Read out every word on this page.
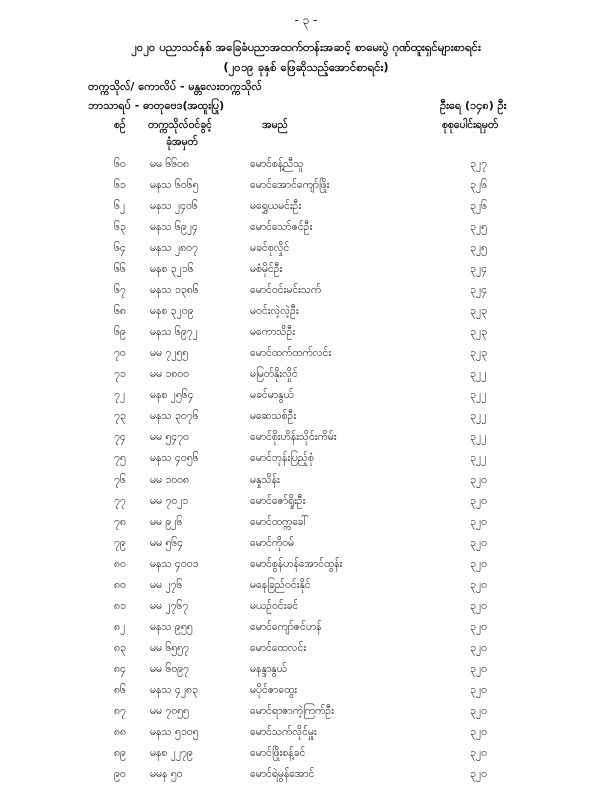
- ၃ -
၂၀၂၀ ပညာသင်နှစ် အခြေခံပညာအထက်တန်းအဆင့် စာမေးပွဲ ဂုဏ်ထူးရှင်များစာရင်း
(၂၀၁၉ ခုနှစ် ဖြေဆိုသည့်အောင်စာရင်း)
တက္ကသိုလ်/ ကောလိပ် - မန္တလေးတက္ကသိုလ်
ဘာသာရပ် - ဓာတုဗေဒ(အထူးပြု)	ဦးရေ (၁၄၈) ဦး
စဉ် တက္ကသိုလ်ဝင်ခွင့်
ခုံအမှတ်
အမည်	စုစုပေါင်းရမှတ်
၆၀ မမ ၆၆၀၈	မောင်စန့်ညီသူ	၃၂၇
၆၁ မနသ ၆၀၆၅	မောင်အောင်ကျော်ဖြိုး	၃၂၆
၆၂ မနသ ၂၄၀၆	မရွှေယမင်းဦး	၃၂၆
၆၃ မနသ ၆၉၂၄	မောင်သော်ဇင်ဦး	၃၂၅
၆၄ မနသ ၂၈၀၇	မခင်စုလှိုင်	၃၂၅
၆၆ မနစ ၃၂၁၆	မစံမိုင်ဦး	၃၂၄
၆၇ မနသ ၁၃၈၆	မောင်ဝင်းမင်းသက်	၃၂၄
၆၈ မနစ ၃၂၀၉	မဝင်းလဲ့လဲ့ဦး	၃၂၃
၆၉ မနသ ၆၉၇၂	မကောသိဦး	၃၂၃
၇၀ မမ ၇၂၅၅	မောင်ထက်ထက်လင်း	၃၂၃
၇၁ မမ ၁၈၀၀	မမြတ်နိုးလှိုင်	၃၂၂
၇၂ မနစ ၂၅၆၄	မခင်မာနွယ်	၃၂၂
၇၃ မနသ ၃၀၇၆	မဆေသစ်ဦး	၃၂၂
၇၄ မမ ၅၄၇၀	မောင်စိုးဟိန်းသိုင်းကိမ်း	၃၂၂
၇၅ မနသ ၄၀၅၆	မောင်ဘုန်းပြည့်စုံ	၃၂၂
၇၆ မမ ၁၀၀၈	မနှုသိန်း	၃၂၀
၇၇ မမ ၇၀၂၁	မောင်ဇော်ရှိုးဦး	၃၂၀
၇၈ မမ ၉၂၆	မောင်ထက္ကခေါ်	၃၂၀
၇၉ မမ ၅၆၄	မောင်ကိုဝမ်	၃၂၀
၈၀ မနသ ၄၀၀၁	မောင်စွန်ဟန်အောင်ထွန်း	၃၂၀
၈၀ မမ ၂၇၆	မနေခြည်ဝင်းနိုင်	၃၂၀
၈၁ မမ ၂၇၆၇	မယဉ်ဝင်းခင်	၃၂၀
၈၂ မနသ ၉၅၅	မောင်ကျော်ဇင်ဟန်	၃၂၀
၈၃ မမ ၆၅၅၇	မောင်ထေလင်း	၃၂၀
၈၄ မမ ၆၀၉၇	မနန္ဒာနွယ်	၃၂၀
၈၆ မနသ ၄၂၈၃	မပိုင်ဇာထွေး	၃၂၀
၈၇ မမ ၇၀၅၅	မောင်ရာဇာကဲ့ကြက်ဦး	၃၂၀
၈၈ မနသ ၅၁၀၅	မောင်သက်လိုင်မှူး	၃၂၀
၈၉ မနစ ၂၂၇၉	မောင်ဖြိုးစန့်ခင်	၃၂၀
၉၀ မမန ၅၀	မောင်ရဲမွန်အောင်	၃၂၀
